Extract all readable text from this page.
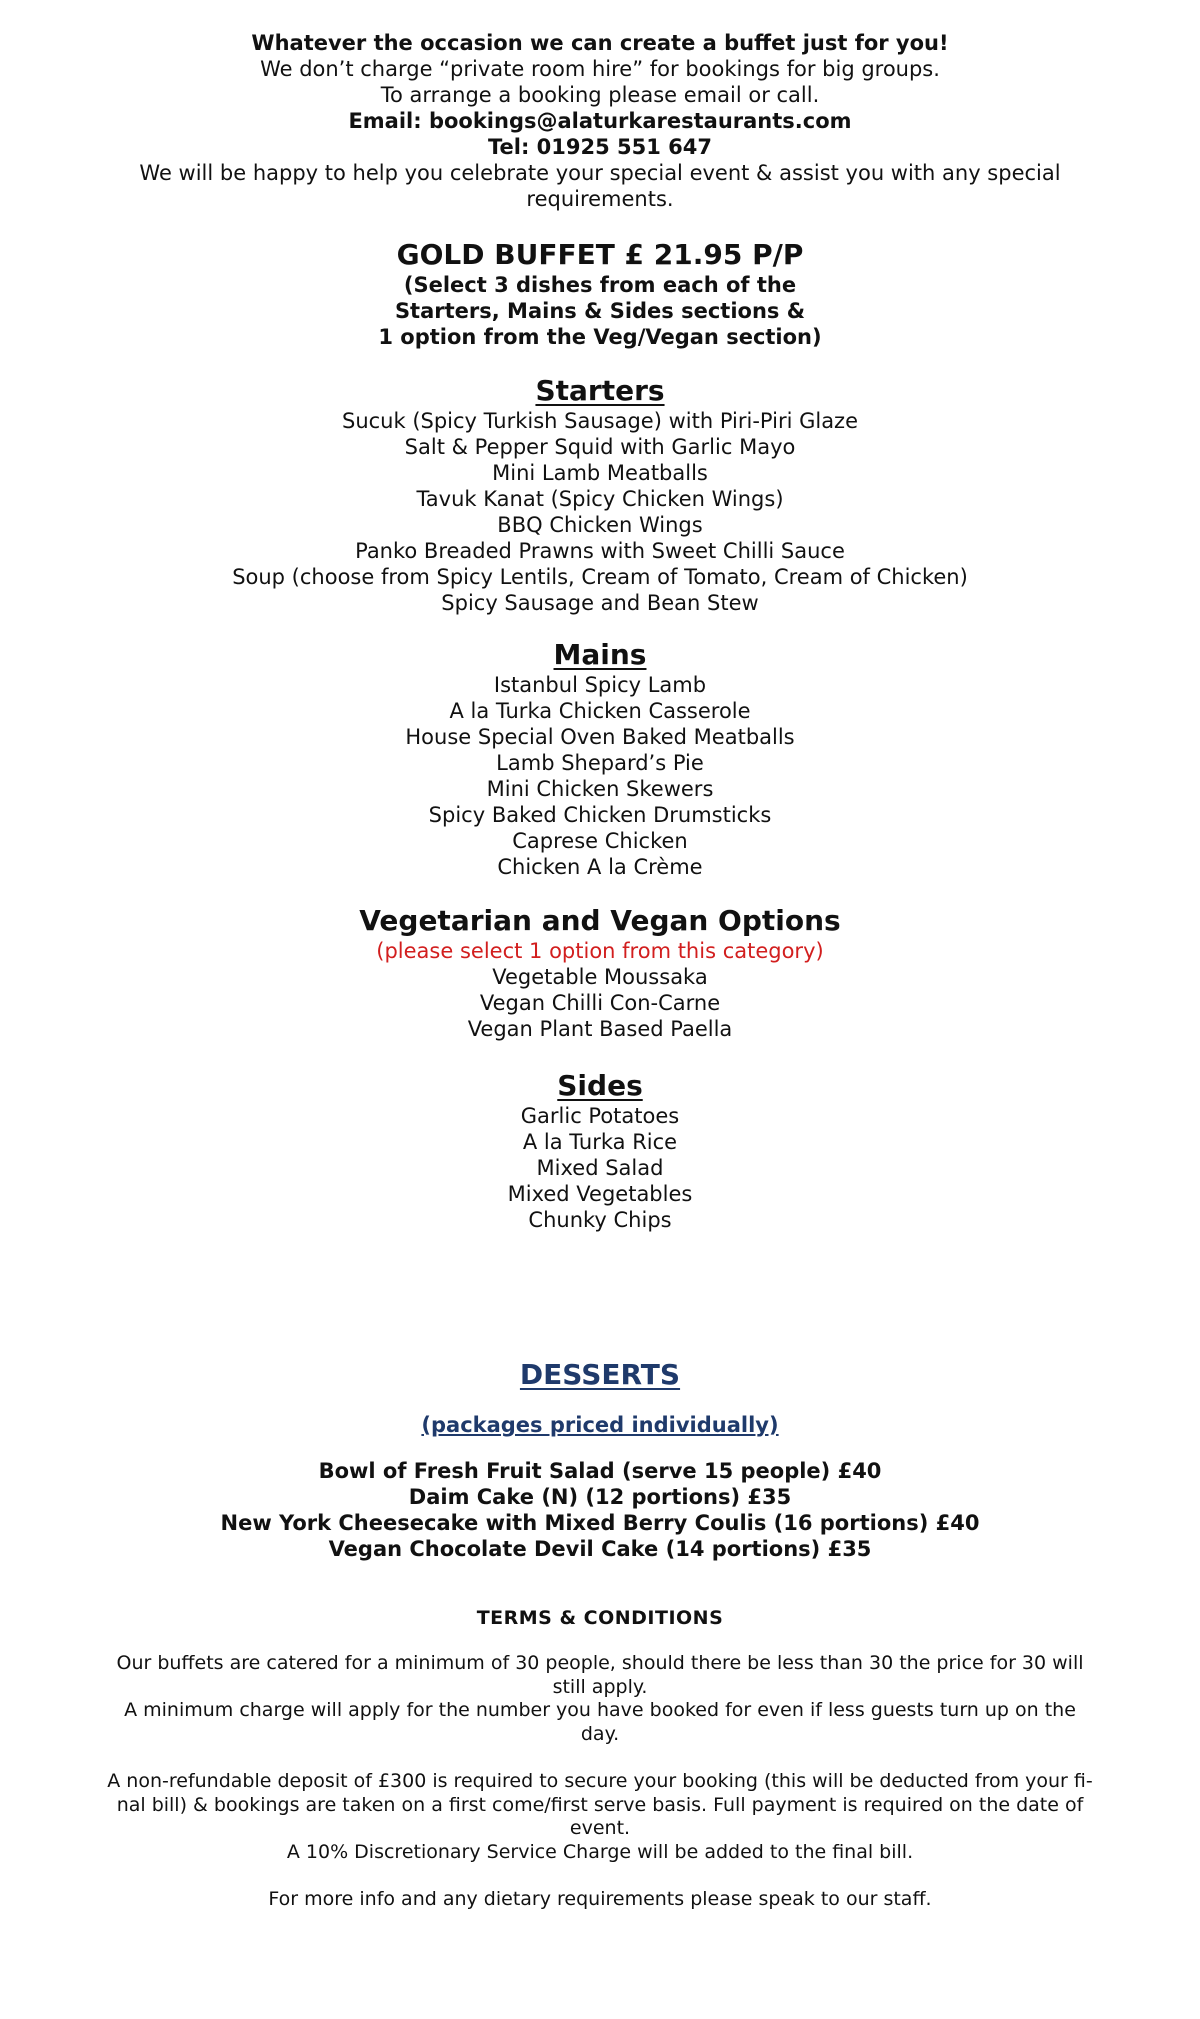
Whatever the occasion we can create a buffet just for you!
We don’t charge “private room hire” for bookings for big groups.
To arrange a booking please email or call.
Email: bookings@alaturkarestaurants.com
Tel: 01925 551 647
We will be happy to help you celebrate your special event & assist you with any special
requirements.
GOLD BUFFET £ 21.95 P/P
(Select 3 dishes from each of the
Starters, Mains & Sides sections &
1 option from the Veg/Vegan section)
Starters
Sucuk (Spicy Turkish Sausage) with Piri-Piri Glaze
Salt & Pepper Squid with Garlic Mayo
Mini Lamb Meatballs
Tavuk Kanat (Spicy Chicken Wings)
BBQ Chicken Wings
Panko Breaded Prawns with Sweet Chilli Sauce
Soup (choose from Spicy Lentils, Cream of Tomato, Cream of Chicken)
Spicy Sausage and Bean Stew
Mains
Istanbul Spicy Lamb
A la Turka Chicken Casserole
House Special Oven Baked Meatballs
Lamb Shepard’s Pie
Mini Chicken Skewers
Spicy Baked Chicken Drumsticks
Caprese Chicken
Chicken A la Crème
Vegetarian and Vegan Options
(please select 1 option from this category)
Vegetable Moussaka
Vegan Chilli Con-Carne
Vegan Plant Based Paella
Sides
Garlic Potatoes
A la Turka Rice
Mixed Salad
Mixed Vegetables
Chunky Chips
DESSERTS
(packages priced individually)
Bowl of Fresh Fruit Salad (serve 15 people) £40
Daim Cake (N) (12 portions) £35
New York Cheesecake with Mixed Berry Coulis (16 portions) £40
Vegan Chocolate Devil Cake (14 portions) £35
TERMS & CONDITIONS
Our buffets are catered for a minimum of 30 people, should there be less than 30 the price for 30 will
still apply.
A minimum charge will apply for the number you have booked for even if less guests turn up on the
day.
A non-refundable deposit of £300 is required to secure your booking (this will be deducted from your fi-
nal bill) & bookings are taken on a first come/first serve basis. Full payment is required on the date of
event.
A 10% Discretionary Service Charge will be added to the final bill.
For more info and any dietary requirements please speak to our staff.
